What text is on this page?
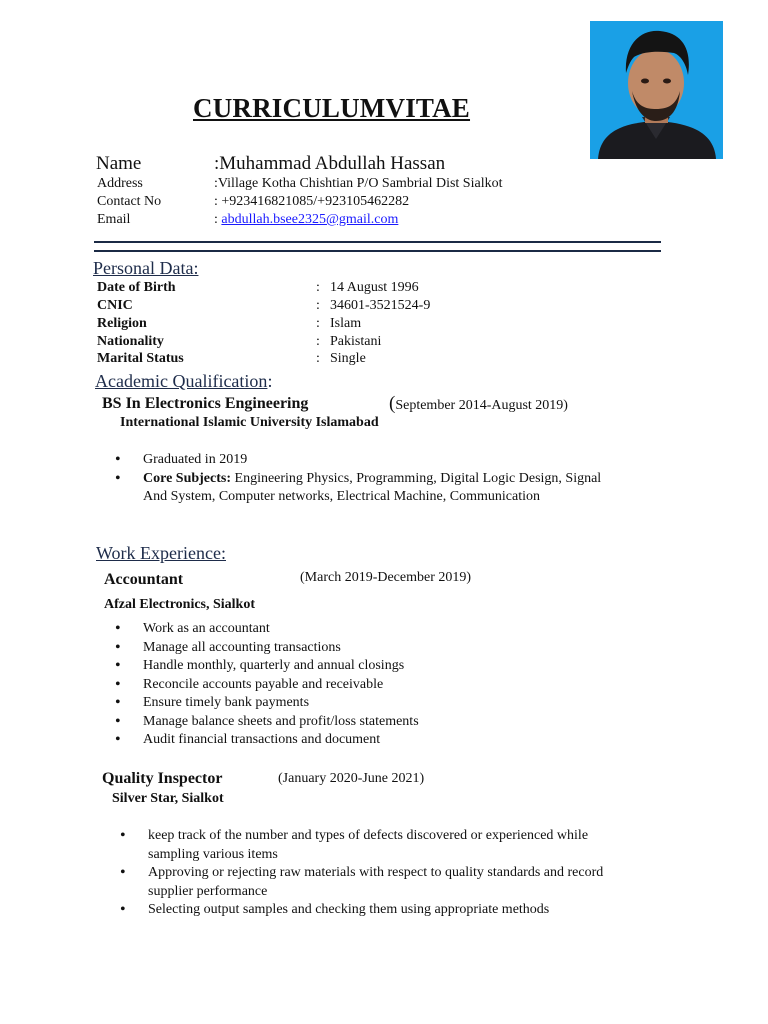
CURRICULUMVITAE
Name	:Muhammad Abdullah Hassan
Address	:Village Kotha Chishtian P/O Sambrial Dist Sialkot
Contact No	: +923416821085/+923105462282
Email	: abdullah.bsee2325@gmail.com
Personal Data:
Date of Birth	: 14 August 1996
CNIC	: 34601-3521524-9
Religion	: Islam
Nationality	: Pakistani
Marital Status	: Single
Academic Qualification:
BS In Electronics Engineering	(September 2014-August 2019)
International Islamic University Islamabad
• Graduated in 2019
• Core Subjects: Engineering Physics, Programming, Digital Logic Design, Signal And System, Computer networks, Electrical Machine, Communication
Work Experience:
Accountant	(March 2019-December 2019)
Afzal Electronics, Sialkot
• Work as an accountant
• Manage all accounting transactions
• Handle monthly, quarterly and annual closings
• Reconcile accounts payable and receivable
• Ensure timely bank payments
• Manage balance sheets and profit/loss statements
• Audit financial transactions and document
Quality Inspector	(January 2020-June 2021)
Silver Star, Sialkot
• keep track of the number and types of defects discovered or experienced while sampling various items
• Approving or rejecting raw materials with respect to quality standards and record supplier performance
• Selecting output samples and checking them using appropriate methods
